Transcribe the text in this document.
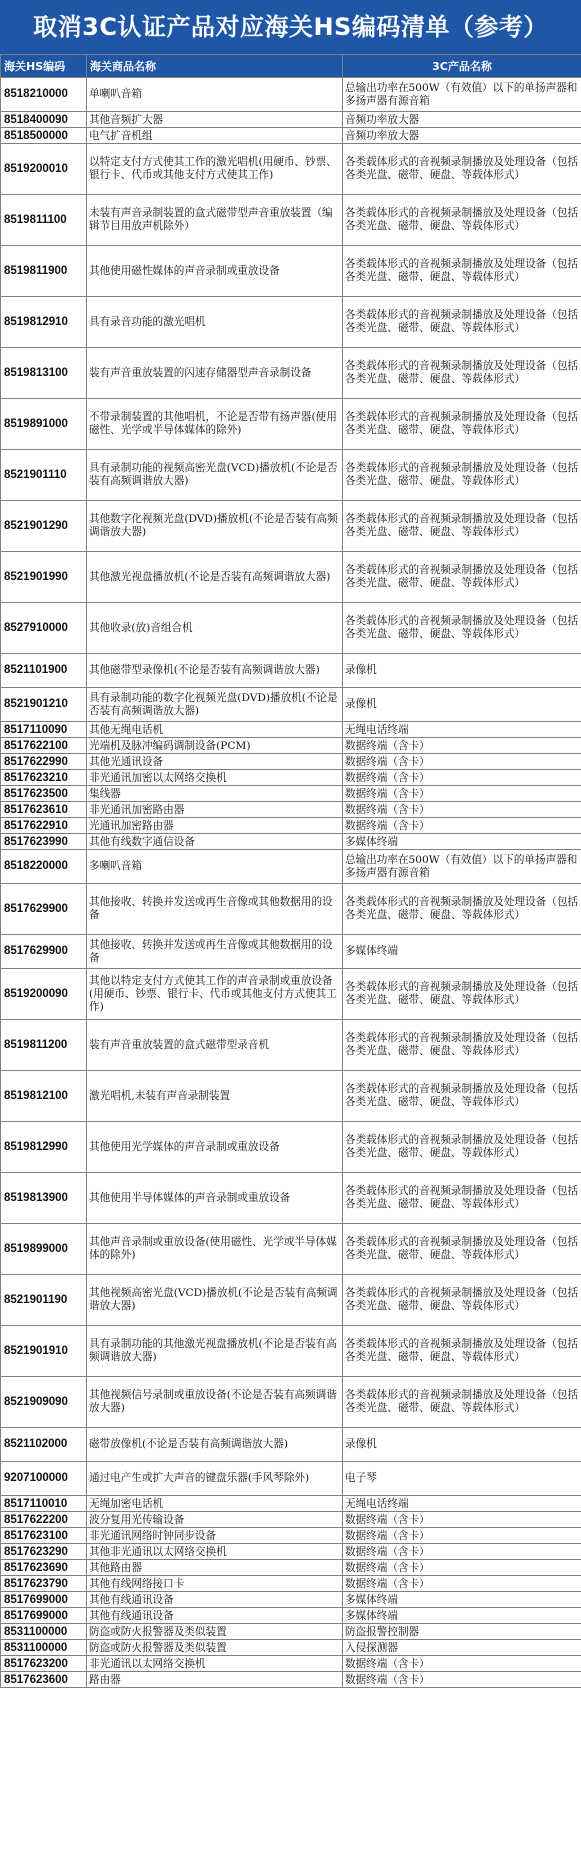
取消3C认证产品对应海关HS编码清单（参考）
海关HS编码	海关商品名称	3C产品名称
8518210000	单喇叭音箱	总输出功率在500W（有效值）以下的单扬声器和多扬声器有源音箱
8518400090	其他音频扩大器	音频功率放大器
8518500000	电气扩音机组	音频功率放大器
8519200010	以特定支付方式使其工作的激光唱机(用硬币、钞票、银行卡、代币或其他支付方式使其工作)	各类载体形式的音视频录制播放及处理设备（包括各类光盘、磁带、硬盘、等载体形式）
8519811100	未装有声音录制装置的盒式磁带型声音重放装置（编辑节目用放声机除外）	各类载体形式的音视频录制播放及处理设备（包括各类光盘、磁带、硬盘、等载体形式）
8519811900	其他使用磁性媒体的声音录制或重放设备	各类载体形式的音视频录制播放及处理设备（包括各类光盘、磁带、硬盘、等载体形式）
8519812910	具有录音功能的激光唱机	各类载体形式的音视频录制播放及处理设备（包括各类光盘、磁带、硬盘、等载体形式）
8519813100	装有声音重放装置的闪速存储器型声音录制设备	各类载体形式的音视频录制播放及处理设备（包括各类光盘、磁带、硬盘、等载体形式）
8519891000	不带录制装置的其他唱机，不论是否带有扬声器(使用磁性、光学或半导体媒体的除外)	各类载体形式的音视频录制播放及处理设备（包括各类光盘、磁带、硬盘、等载体形式）
8521901110	具有录制功能的视频高密光盘(VCD)播放机(不论是否装有高频调谐放大器)	各类载体形式的音视频录制播放及处理设备（包括各类光盘、磁带、硬盘、等载体形式）
8521901290	其他数字化视频光盘(DVD)播放机(不论是否装有高频调谐放大器)	各类载体形式的音视频录制播放及处理设备（包括各类光盘、磁带、硬盘、等载体形式）
8521901990	其他激光视盘播放机(不论是否装有高频调谐放大器)	各类载体形式的音视频录制播放及处理设备（包括各类光盘、磁带、硬盘、等载体形式）
8527910000	其他收录(放)音组合机	各类载体形式的音视频录制播放及处理设备（包括各类光盘、磁带、硬盘、等载体形式）
8521101900	其他磁带型录像机(不论是否装有高频调谐放大器)	录像机
8521901210	具有录制功能的数字化视频光盘(DVD)播放机(不论是否装有高频调谐放大器)	录像机
8517110090	其他无绳电话机	无绳电话终端
8517622100	光端机及脉冲编码调制设备(PCM)	数据终端（含卡）
8517622990	其他光通讯设备	数据终端（含卡）
8517623210	非光通讯加密以太网络交换机	数据终端（含卡）
8517623500	集线器	数据终端（含卡）
8517623610	非光通讯加密路由器	数据终端（含卡）
8517622910	光通讯加密路由器	数据终端（含卡）
8517623990	其他有线数字通信设备	多媒体终端
8518220000	多喇叭音箱	总输出功率在500W（有效值）以下的单扬声器和多扬声器有源音箱
8517629900	其他接收、转换并发送或再生音像或其他数据用的设备	各类载体形式的音视频录制播放及处理设备（包括各类光盘、磁带、硬盘、等载体形式）
8517629900	其他接收、转换并发送或再生音像或其他数据用的设备	多媒体终端
8519200090	其他以特定支付方式使其工作的声音录制或重放设备(用硬币、钞票、银行卡、代币或其他支付方式使其工作)	各类载体形式的音视频录制播放及处理设备（包括各类光盘、磁带、硬盘、等载体形式）
8519811200	装有声音重放装置的盒式磁带型录音机	各类载体形式的音视频录制播放及处理设备（包括各类光盘、磁带、硬盘、等载体形式）
8519812100	激光唱机,未装有声音录制装置	各类载体形式的音视频录制播放及处理设备（包括各类光盘、磁带、硬盘、等载体形式）
8519812990	其他使用光学媒体的声音录制或重放设备	各类载体形式的音视频录制播放及处理设备（包括各类光盘、磁带、硬盘、等载体形式）
8519813900	其他使用半导体媒体的声音录制或重放设备	各类载体形式的音视频录制播放及处理设备（包括各类光盘、磁带、硬盘、等载体形式）
8519899000	其他声音录制或重放设备(使用磁性、光学或半导体媒体的除外)	各类载体形式的音视频录制播放及处理设备（包括各类光盘、磁带、硬盘、等载体形式）
8521901190	其他视频高密光盘(VCD)播放机(不论是否装有高频调谐放大器)	各类载体形式的音视频录制播放及处理设备（包括各类光盘、磁带、硬盘、等载体形式）
8521901910	具有录制功能的其他激光视盘播放机(不论是否装有高频调谐放大器)	各类载体形式的音视频录制播放及处理设备（包括各类光盘、磁带、硬盘、等载体形式）
8521909090	其他视频信号录制或重放设备(不论是否装有高频调谐放大器)	各类载体形式的音视频录制播放及处理设备（包括各类光盘、磁带、硬盘、等载体形式）
8521102000	磁带放像机(不论是否装有高频调谐放大器)	录像机
9207100000	通过电产生或扩大声音的键盘乐器(手风琴除外)	电子琴
8517110010	无绳加密电话机	无绳电话终端
8517622200	波分复用光传输设备	数据终端（含卡）
8517623100	非光通讯网络时钟同步设备	数据终端（含卡）
8517623290	其他非光通讯以太网络交换机	数据终端（含卡）
8517623690	其他路由器	数据终端（含卡）
8517623790	其他有线网络接口卡	数据终端（含卡）
8517699000	其他有线通讯设备	多媒体终端
8517699000	其他有线通讯设备	多媒体终端
8531100000	防盗或防火报警器及类似装置	防盗报警控制器
8531100000	防盗或防火报警器及类似装置	入侵探测器
8517623200	非光通讯以太网络交换机	数据终端（含卡）
8517623600	路由器	数据终端（含卡）
